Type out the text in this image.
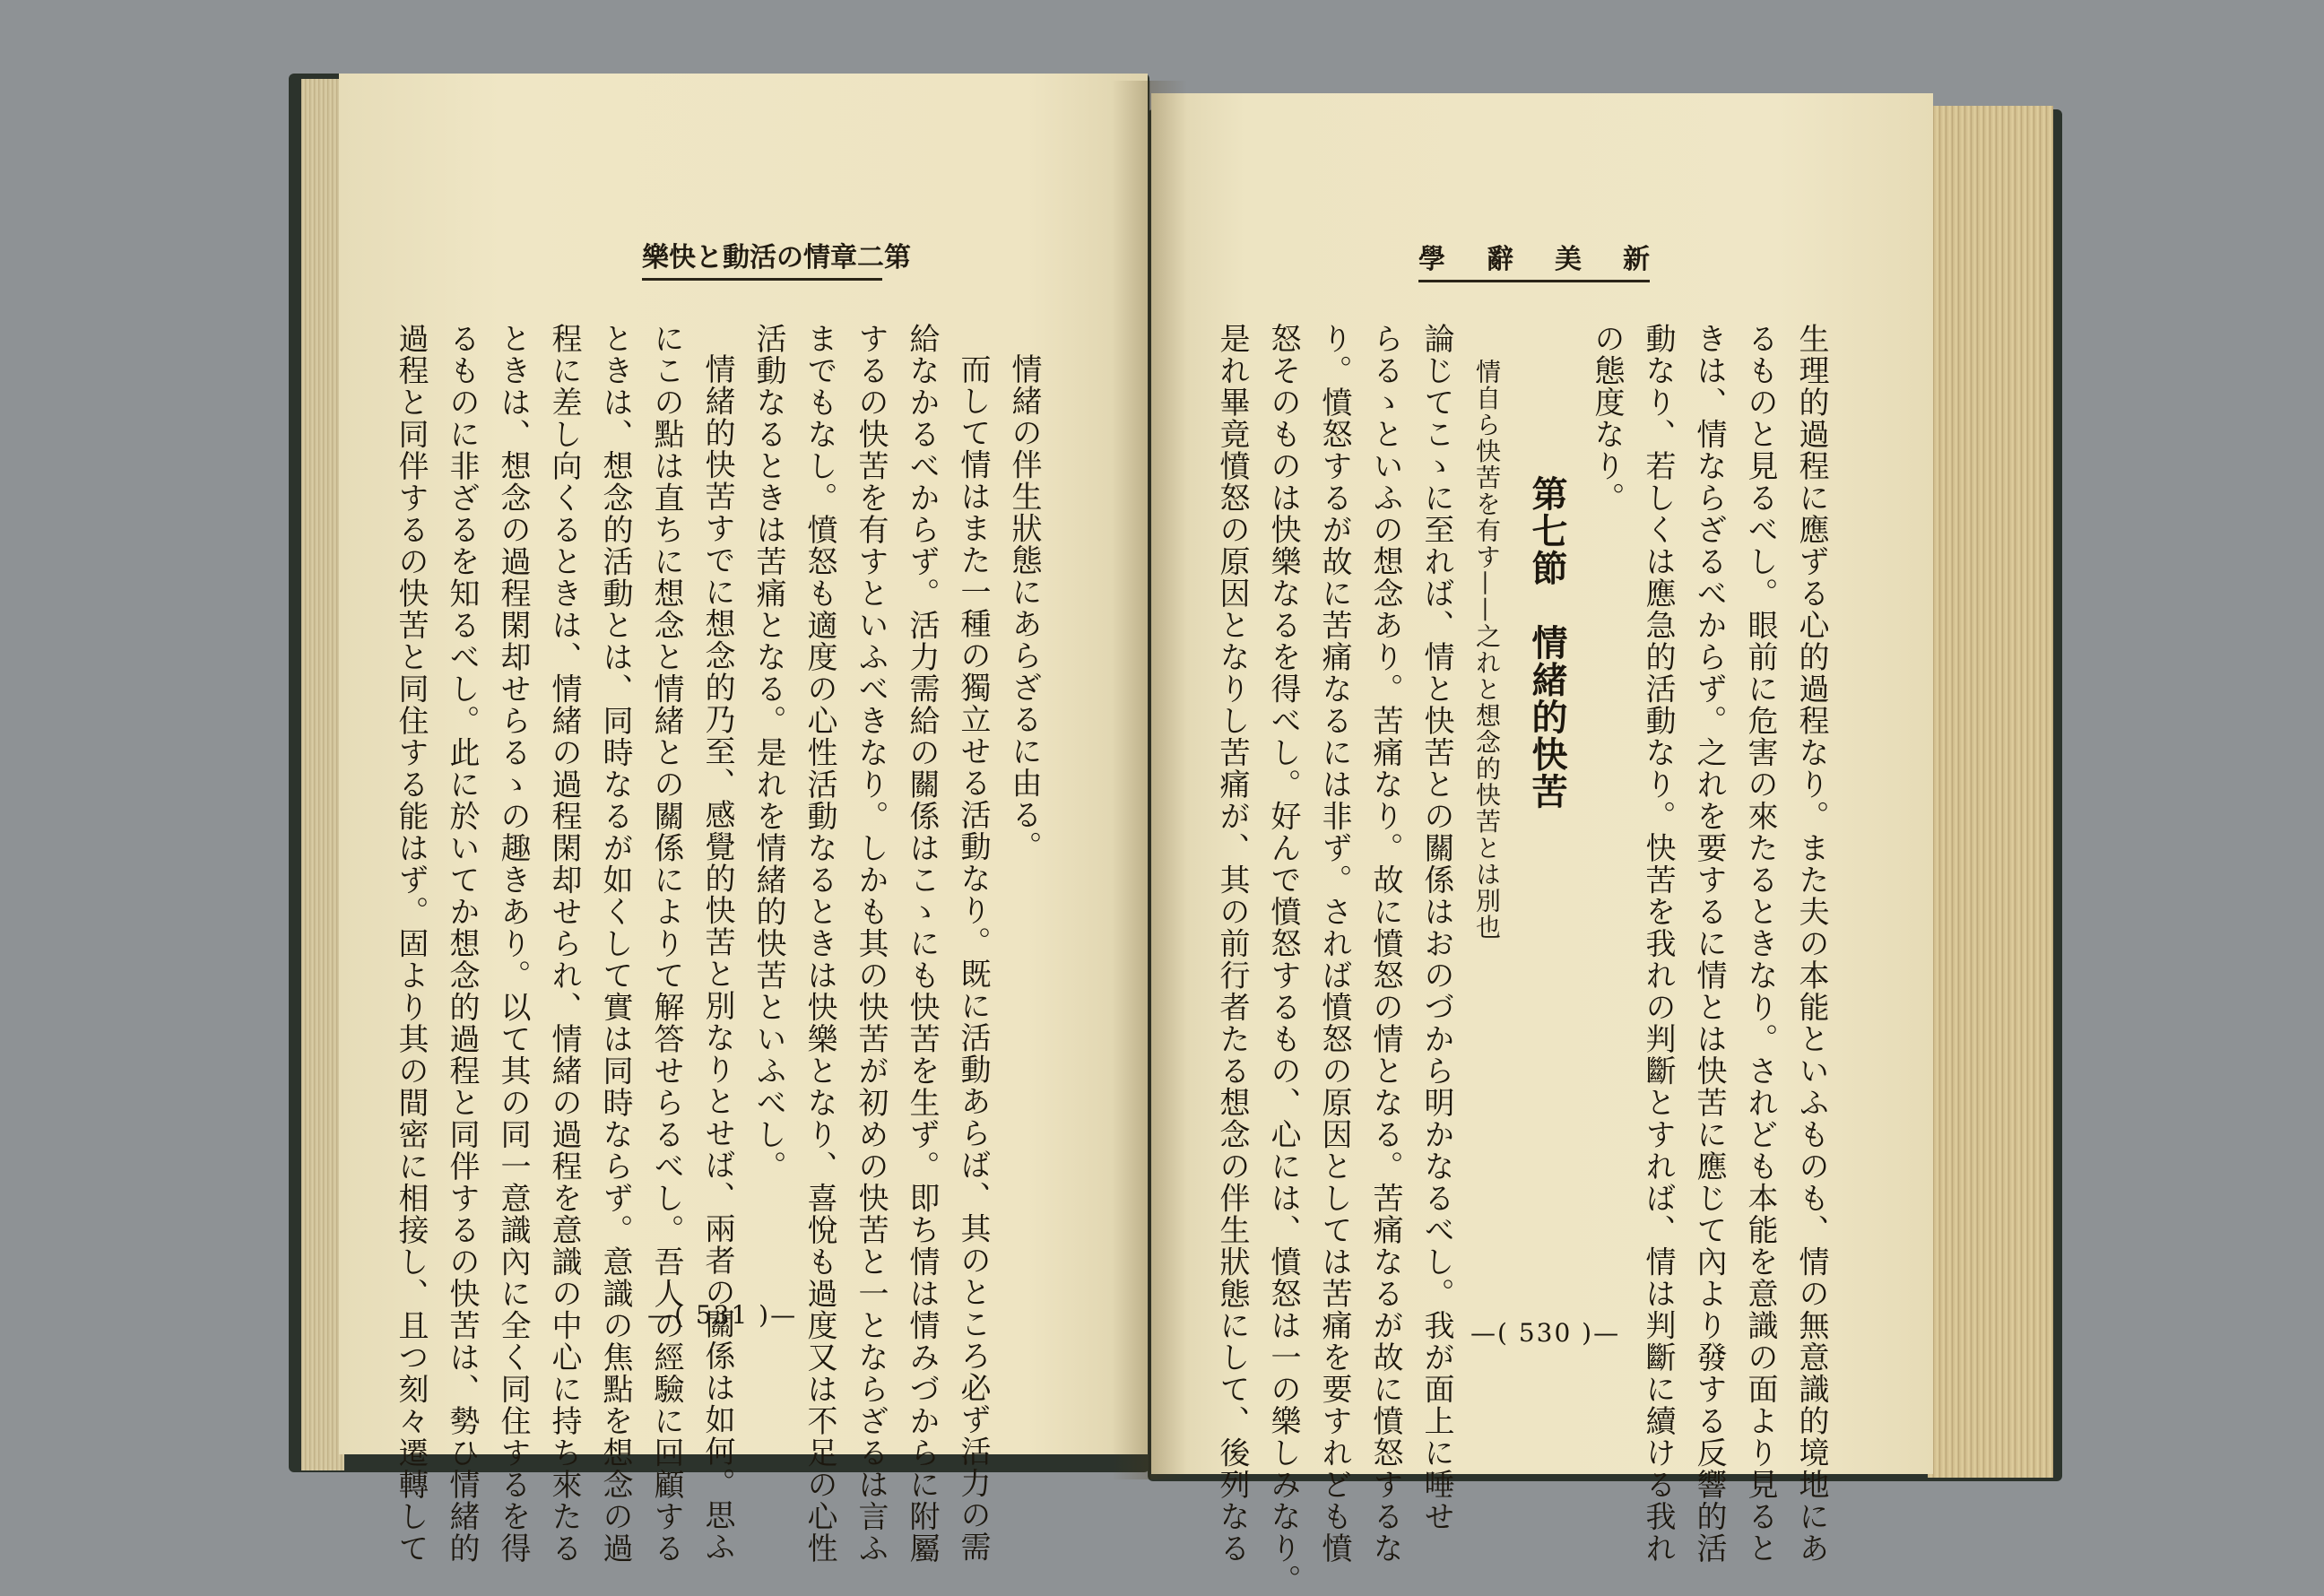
樂 快 と 動 活 の 情 章 二 第
情緒の伴生狀態にあらざるに由る。
而して情はまた一種の獨立せる活動なり。既に活動あらば、其のところ必ず活力の需
給なかるべからず。活力需給の關係はこゝにも快苦を生ず。即ち情は情みづからに附屬
するの快苦を有すといふべきなり。しかも其の快苦が初めの快苦と一とならざるは言ふ
までもなし。憤怒も適度の心性活動なるときは快樂となり、喜悅も過度又は不足の心性
活動なるときは苦痛となる。是れを情緒的快苦といふべし。
情緒的快苦すでに想念的乃至、感覺的快苦と別なりとせば、兩者の關係は如何。思ふ
にこの點は直ちに想念と情緒との關係によりて解答せらるべし。吾人の經驗に回顧する
ときは、想念的活動とは、同時なるが如くして實は同時ならず。意識の焦點を想念の過
程に差し向くるときは、情緒の過程閑却せられ、情緒の過程を意識の中心に持ち來たる
ときは、想念の過程閑却せらるゝの趣きあり。以て其の同一意識內に全く同住するを得
るものに非ざるを知るべし。此に於いてか想念的過程と同伴するの快苦は、勢ひ情緒的
過程と同伴するの快苦と同住する能はず。固より其の間密に相接し、且つ刻々遷轉して	—( 531 )—
學 辭 美 新
生理的過程に應ずる心的過程なり。また夫の本能といふものも、情の無意識的境地にあ
るものと見るべし。眼前に危害の來たるときなり。されども本能を意識の面より見ると
きは、情ならざるべからず。之れを要するに情とは快苦に應じて內より發する反響的活
動なり、若しくは應急的活動なり。快苦を我れの判斷とすれば、情は判斷に續ける我れ
の態度なり。
第七節　情緒的快苦
情自ら快苦を有す——之れと想念的快苦とは別也
論じてこゝに至れば、情と快苦との關係はおのづから明かなるべし。我が面上に唾せ
らるゝといふの想念あり。苦痛なり。故に憤怒の情となる。苦痛なるが故に憤怒するな
り。憤怒するが故に苦痛なるには非ず。されば憤怒の原因としては苦痛を要すれども憤
怒そのものは快樂なるを得べし。好んで憤怒するもの、心には、憤怒は一の樂しみなり。
是れ畢竟憤怒の原因となりし苦痛が、其の前行者たる想念の伴生狀態にして、後列なる	—( 530 )—
